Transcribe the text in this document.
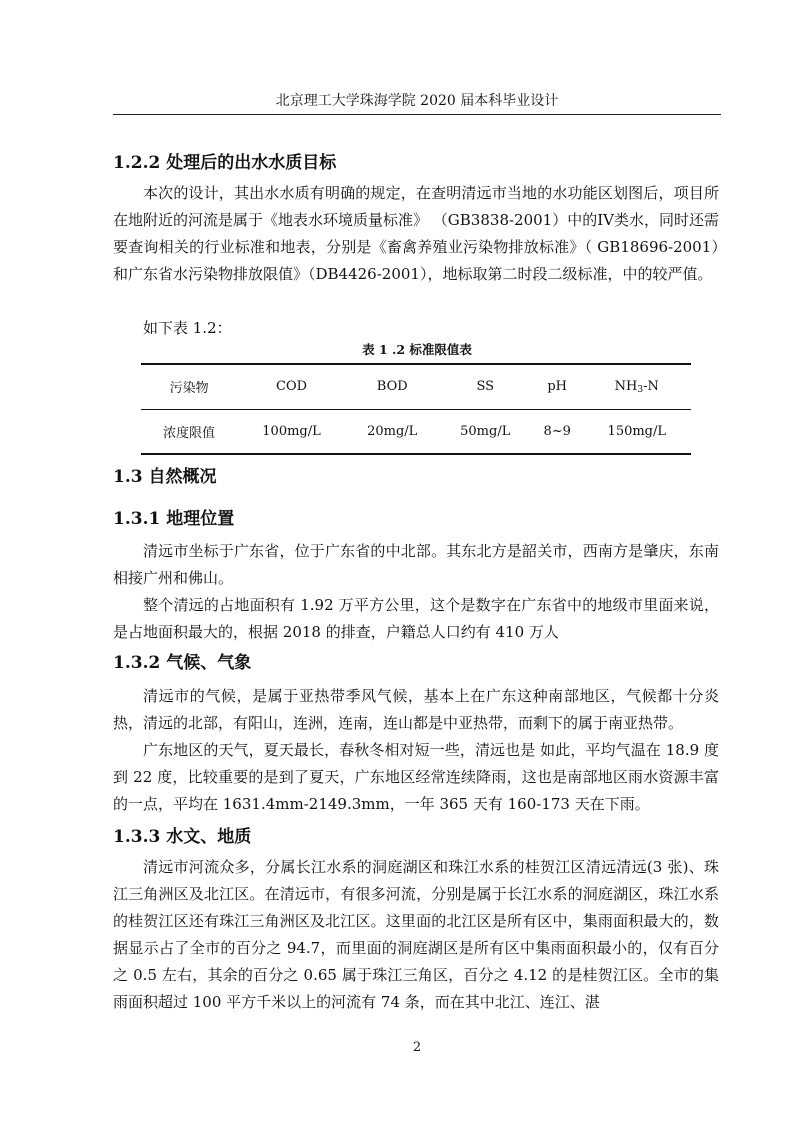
北京理工大学珠海学院 2020 届本科毕业设计
1.2.2 处理后的出水水质目标

本次的设计，其出水水质有明确的规定，在查明清远市当地的水功能区划图后，项目所在地附近的河流是属于《地表水环境质量标准》 （GB3838-2001）中的IV类水，同时还需要查询相关的行业标准和地表，分别是《畜禽养殖业污染物排放标准》（ GB18696-2001）和广东省水污染物排放限值》（DB4426-2001），地标取第二时段二级标准，中的较严值。

如下表 1.2：

表 1 .2 标准限值表
污染物	COD	BOD	SS	pH	$NH_3-N$
浓度限值	100mg/L	20mg/L	50mg/L	8~9	150mg/L
1.3 自然概况
1.3.1 地理位置

清远市坐标于广东省，位于广东省的中北部。其东北方是韶关市，西南方是肇庆，东南相接广州和佛山。

整个清远的占地面积有 1.92 万平方公里，这个是数字在广东省中的地级市里面来说，是占地面积最大的，根据 2018 的排查，户籍总人口约有 410 万人

1.3.2 气候、气象

清远市的气候，是属于亚热带季风气候，基本上在广东这种南部地区，气候都十分炎热，清远的北部，有阳山，连洲，连南，连山都是中亚热带，而剩下的属于南亚热带。

广东地区的天气，夏天最长，春秋冬相对短一些，清远也是 如此，平均气温在 18.9 度到 22 度，比较重要的是到了夏天，广东地区经常连续降雨，这也是南部地区雨水资源丰富的一点，平均在 1631.4mm-2149.3mm，一年 365 天有 160-173 天在下雨。

1.3.3 水文、地质

清远市河流众多，分属长江水系的洞庭湖区和珠江水系的桂贺江区清远清远(3 张)、珠江三角洲区及北江区。在清远市，有很多河流，分别是属于长江水系的洞庭湖区，珠江水系的桂贺江区还有珠江三角洲区及北江区。这里面的北江区是所有区中，集雨面积最大的，数据显示占了全市的百分之 94.7，而里面的洞庭湖区是所有区中集雨面积最小的，仅有百分之 0.5 左右，其余的百分之 0.65 属于珠江三角区，百分之 4.12 的是桂贺江区。全市的集雨面积超过 100 平方千米以上的河流有 74 条，而在其中北江、连江、湛

2
